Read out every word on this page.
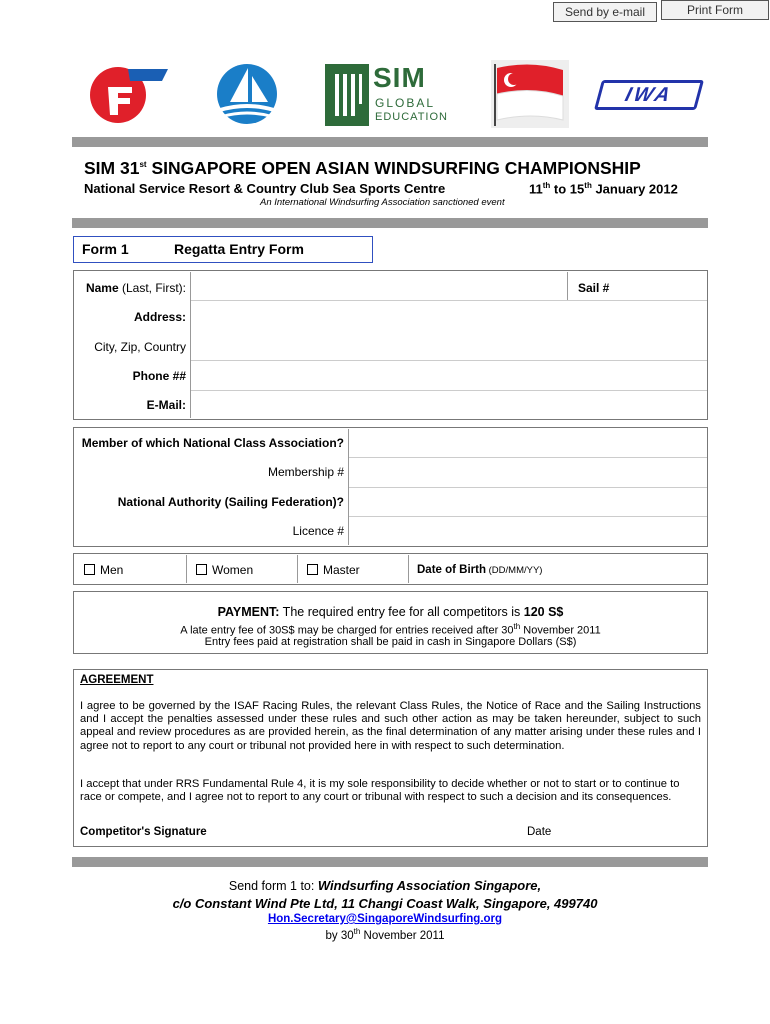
Send by e-mail	Print Form
SIM
GLOBAL
EDUCATION
IWA
SIM 31st SINGAPORE OPEN ASIAN WINDSURFING CHAMPIONSHIP
National Service Resort & Country Club Sea Sports Centre	11th to 15th January 2012
An International Windsurfing Association sanctioned event
Form 1	Regatta Entry Form
Name (Last, First):	Sail #
Address:
City, Zip, Country
Phone ##
E-Mail:
Member of which National Class Association?
Membership #
National Authority (Sailing Federation)?
Licence #
Men	Women	Master	Date of Birth (DD/MM/YY)
PAYMENT: The required entry fee for all competitors is 120 S$
A late entry fee of 30S$ may be charged for entries received after 30th November 2011
Entry fees paid at registration shall be paid in cash in Singapore Dollars (S$)
AGREEMENT

I agree to be governed by the ISAF Racing Rules, the relevant Class Rules, the Notice of Race and the Sailing Instructions and I accept the penalties assessed under these rules and such other action as may be taken hereunder, subject to such appeal and review procedures as are provided herein, as the final determination of any matter arising under these rules and I agree not to report to any court or tribunal not provided here in with respect to such determination.

I accept that under RRS Fundamental Rule 4, it is my sole responsibility to decide whether or not to start or to continue to race or compete, and I agree not to report to any court or tribunal with respect to such a decision and its consequences.

Competitor's Signature	Date
Send form 1 to: Windsurfing Association Singapore,
c/o Constant Wind Pte Ltd, 11 Changi Coast Walk, Singapore, 499740
Hon.Secretary@SingaporeWindsurfing.org
by 30th November 2011
